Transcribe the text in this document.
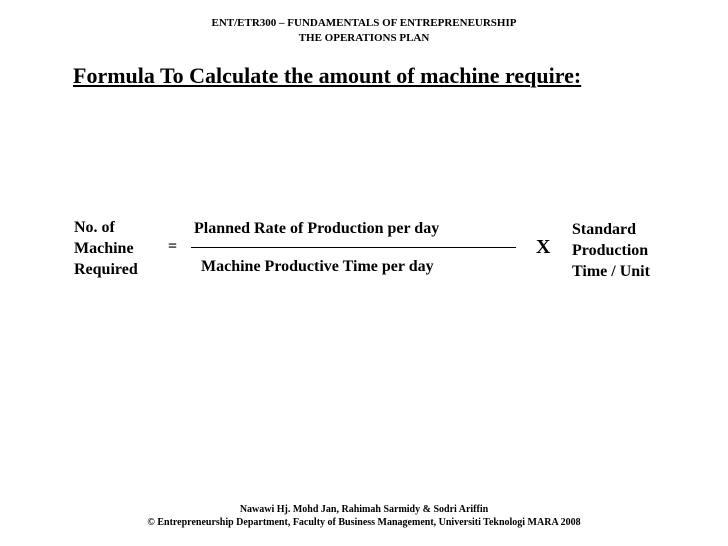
ENT/ETR300 – FUNDAMENTALS OF ENTREPRENEURSHIP
THE OPERATIONS PLAN
Formula To Calculate the amount of machine require:
No. of
Machine
Required
=
Planned Rate of Production per day
Machine Productive Time per day
X
Standard
Production
Time / Unit
Nawawi Hj. Mohd Jan, Rahimah Sarmidy & Sodri Ariffin
© Entrepreneurship Department, Faculty of Business Management, Universiti Teknologi MARA 2008
